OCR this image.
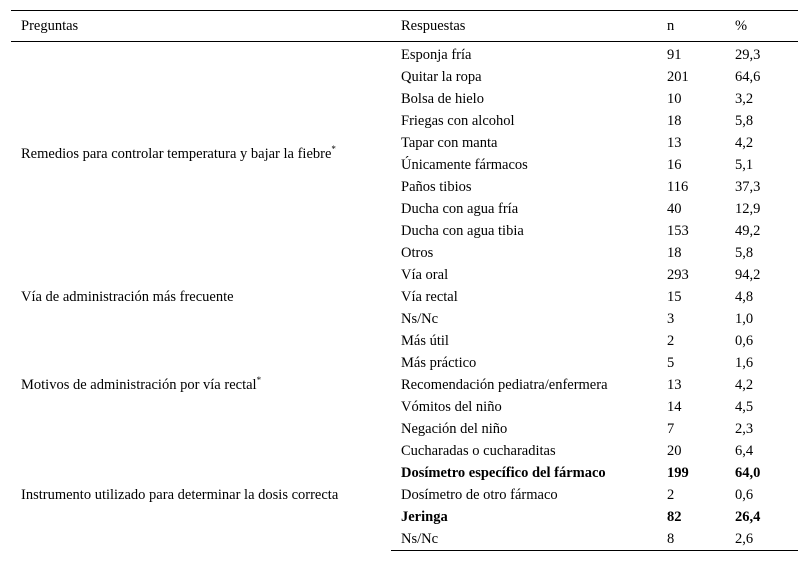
Preguntas	Respuestas	n	%
Remedios para controlar temperatura y bajar la fiebre*	Esponja fría	91	29,3
	Quitar la ropa	201	64,6
	Bolsa de hielo	10	3,2
	Friegas con alcohol	18	5,8
	Tapar con manta	13	4,2
	Únicamente fármacos	16	5,1
	Paños tibios	116	37,3
	Ducha con agua fría	40	12,9
	Ducha con agua tibia	153	49,2
	Otros	18	5,8
Vía de administración más frecuente	Vía oral	293	94,2
	Vía rectal	15	4,8
	Ns/Nc	3	1,0
Motivos de administración por vía rectal*	Más útil	2	0,6
	Más práctico	5	1,6
	Recomendación pediatra/enfermera	13	4,2
	Vómitos del niño	14	4,5
	Negación del niño	7	2,3
Instrumento utilizado para determinar la dosis correcta	Cucharadas o cucharaditas	20	6,4
	Dosímetro específico del fármaco	199	64,0
	Dosímetro de otro fármaco	2	0,6
	Jeringa	82	26,4
	Ns/Nc	8	2,6
